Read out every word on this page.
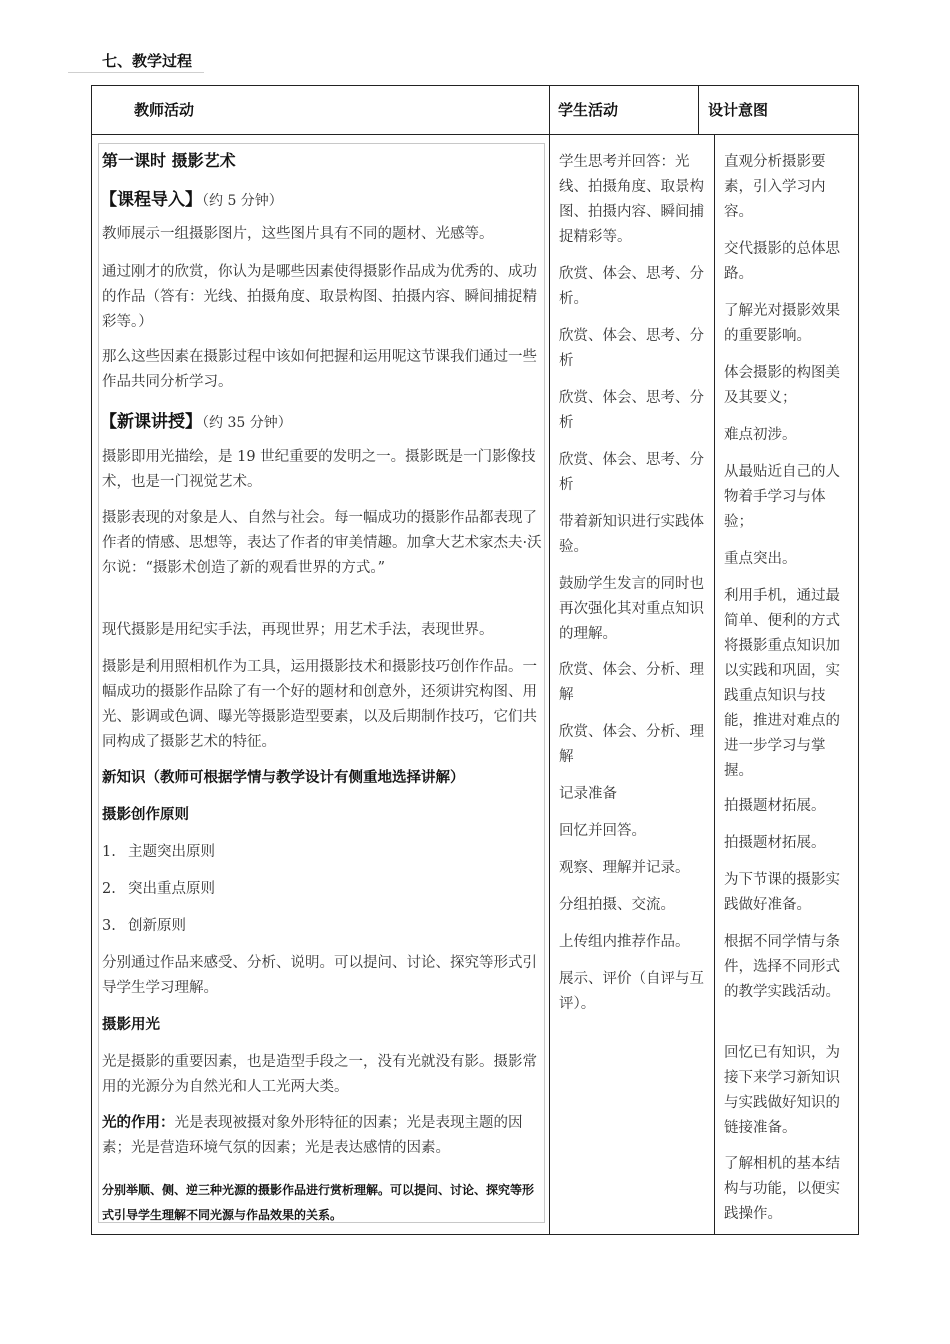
七、教学过程
教师活动	学生活动	设计意图
第一课时 摄影艺术
【课程导入】（约 5 分钟）
教师展示一组摄影图片，这些图片具有不同的题材、光感等。
通过刚才的欣赏，你认为是哪些因素使得摄影作品成为优秀的、成功的作品（答有：光线、拍摄角度、取景构图、拍摄内容、瞬间捕捉精彩等。）
那么这些因素在摄影过程中该如何把握和运用呢这节课我们通过一些作品共同分析学习。
【新课讲授】（约 35 分钟）
摄影即用光描绘，是 19 世纪重要的发明之一。摄影既是一门影像技术，也是一门视觉艺术。
摄影表现的对象是人、自然与社会。每一幅成功的摄影作品都表现了作者的情感、思想等，表达了作者的审美情趣。加拿大艺术家杰夫·沃尔说：“摄影术创造了新的观看世界的方式。”
现代摄影是用纪实手法，再现世界；用艺术手法，表现世界。
摄影是利用照相机作为工具，运用摄影技术和摄影技巧创作作品。一幅成功的摄影作品除了有一个好的题材和创意外，还须讲究构图、用光、影调或色调、曝光等摄影造型要素，以及后期制作技巧，它们共同构成了摄影艺术的特征。
新知识（教师可根据学情与教学设计有侧重地选择讲解）
摄影创作原则
1. 主题突出原则
2. 突出重点原则
3. 创新原则
分别通过作品来感受、分析、说明。可以提问、讨论、探究等形式引导学生学习理解。
摄影用光
光是摄影的重要因素，也是造型手段之一，没有光就没有影。摄影常用的光源分为自然光和人工光两大类。
光的作用：光是表现被摄对象外形特征的因素；光是表现主题的因素；光是营造环境气氛的因素；光是表达感情的因素。
分别举顺、侧、逆三种光源的摄影作品进行赏析理解。可以提问、讨论、探究等形式引导学生理解不同光源与作品效果的关系。
学生思考并回答：光线、拍摄角度、取景构图、拍摄内容、瞬间捕捉精彩等。
欣赏、体会、思考、分析。
欣赏、体会、思考、分析
欣赏、体会、思考、分析
欣赏、体会、思考、分析
带着新知识进行实践体验。
鼓励学生发言的同时也再次强化其对重点知识的理解。
欣赏、体会、分析、理解
欣赏、体会、分析、理解
记录准备
回忆并回答。
观察、理解并记录。
分组拍摄、交流。
上传组内推荐作品。
展示、评价（自评与互评）。
直观分析摄影要素，引入学习内容。
交代摄影的总体思路。
了解光对摄影效果的重要影响。
体会摄影的构图美及其要义；
难点初涉。
从最贴近自己的人物着手学习与体验；
重点突出。
利用手机，通过最简单、便利的方式将摄影重点知识加以实践和巩固，实践重点知识与技能，推进对难点的进一步学习与掌握。
拍摄题材拓展。
拍摄题材拓展。
为下节课的摄影实践做好准备。
根据不同学情与条件，选择不同形式的教学实践活动。
回忆已有知识，为接下来学习新知识与实践做好知识的链接准备。
了解相机的基本结构与功能，以便实践操作。
